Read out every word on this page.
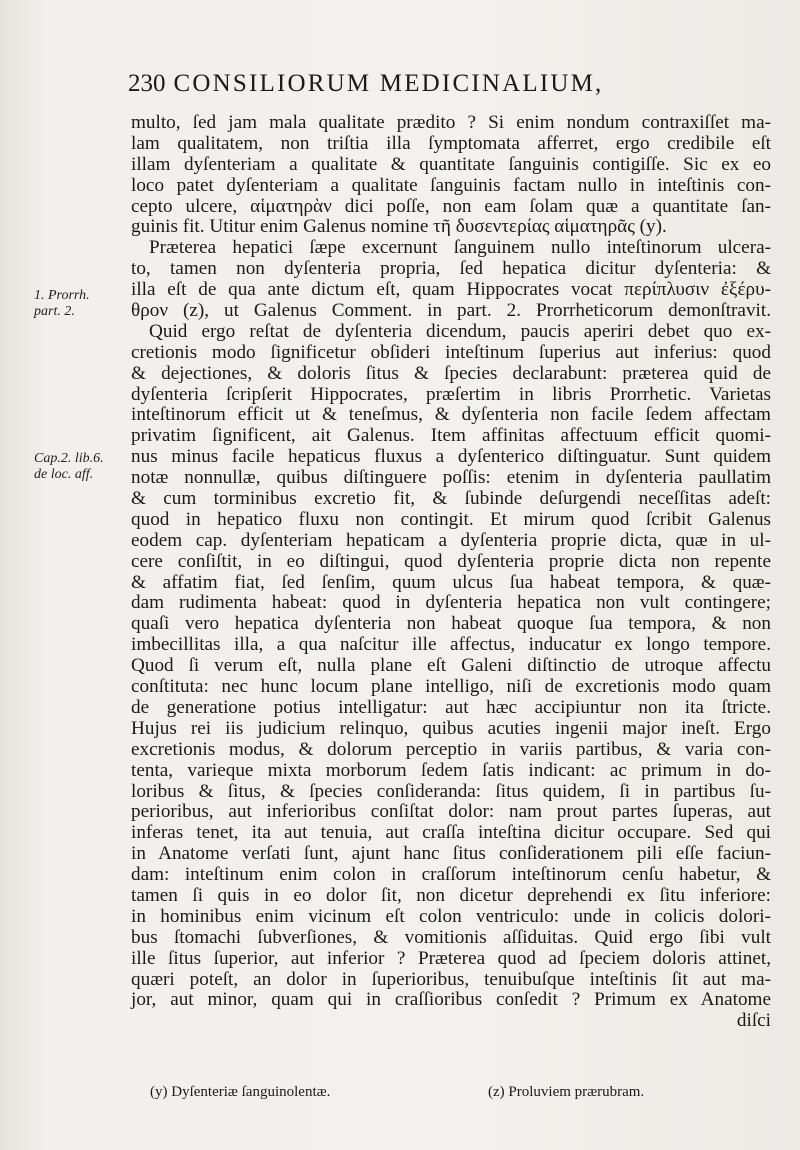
230 CONSILIORUM MEDICINALIUM,
1. Prorrh.
part. 2.
Cap.2. lib.6.
de loc. aff.
multo, ſed jam mala qualitate prædito ? Si enim nondum contraxiſſet ma-
lam qualitatem, non triſtia illa ſymptomata afferret, ergo credibile eſt
illam dyſenteriam a qualitate & quantitate ſanguinis contigiſſe. Sic ex eo
loco patet dyſenteriam a qualitate ſanguinis factam nullo in inteſtinis con-
cepto ulcere, αἱματηρὰν dici poſſe, non eam ſolam quæ a quantitate ſan-
guinis fit. Utitur enim Galenus nomine τῆ δυσεντερίας αἱματηρᾶς (y).
Præterea hepatici ſæpe excernunt ſanguinem nullo inteſtinorum ulcera-
to, tamen non dyſenteria propria, ſed hepatica dicitur dyſenteria: &
illa eſt de qua ante dictum eſt, quam Hippocrates vocat περίπλυσιν ἐξέρυ-
θρον (z), ut Galenus Comment. in part. 2. Prorrheticorum demonſtravit.
Quid ergo reſtat de dyſenteria dicendum, paucis aperiri debet quo ex-
cretionis modo ſignificetur obſideri inteſtinum ſuperius aut inferius: quod
& dejectiones, & doloris ſitus & ſpecies declarabunt: præterea quid de
dyſenteria ſcripſerit Hippocrates, præſertim in libris Prorrhetic. Varietas
inteſtinorum efficit ut & teneſmus, & dyſenteria non facile ſedem affectam
privatim ſignificent, ait Galenus. Item affinitas affectuum efficit quomi-
nus minus facile hepaticus fluxus a dyſenterico diſtinguatur. Sunt quidem
notæ nonnullæ, quibus diſtinguere poſſis: etenim in dyſenteria paullatim
& cum torminibus excretio fit, & ſubinde deſurgendi neceſſitas adeſt:
quod in hepatico fluxu non contingit. Et mirum quod ſcribit Galenus
eodem cap. dyſenteriam hepaticam a dyſenteria proprie dicta, quæ in ul-
cere conſiſtit, in eo diſtingui, quod dyſenteria proprie dicta non repente
& affatim fiat, ſed ſenſim, quum ulcus ſua habeat tempora, & quæ-
dam rudimenta habeat: quod in dyſenteria hepatica non vult contingere;
quaſi vero hepatica dyſenteria non habeat quoque ſua tempora, & non
imbecillitas illa, a qua naſcitur ille affectus, inducatur ex longo tempore.
Quod ſi verum eſt, nulla plane eſt Galeni diſtinctio de utroque affectu
conſtituta: nec hunc locum plane intelligo, niſi de excretionis modo quam
de generatione potius intelligatur: aut hæc accipiuntur non ita ſtricte.
Hujus rei iis judicium relinquo, quibus acuties ingenii major ineſt. Ergo
excretionis modus, & dolorum perceptio in variis partibus, & varia con-
tenta, varieque mixta morborum ſedem ſatis indicant: ac primum in do-
loribus & ſitus, & ſpecies conſideranda: ſitus quidem, ſi in partibus ſu-
perioribus, aut inferioribus conſiſtat dolor: nam prout partes ſuperas, aut
inferas tenet, ita aut tenuia, aut craſſa inteſtina dicitur occupare. Sed qui
in Anatome verſati ſunt, ajunt hanc ſitus conſiderationem pili eſſe faciun-
dam: inteſtinum enim colon in craſſorum inteſtinorum cenſu habetur, &
tamen ſi quis in eo dolor ſit, non dicetur deprehendi ex ſitu inferiore:
in hominibus enim vicinum eſt colon ventriculo: unde in colicis dolori-
bus ſtomachi ſubverſiones, & vomitionis aſſiduitas. Quid ergo ſibi vult
ille ſitus ſuperior, aut inferior ? Præterea quod ad ſpeciem doloris attinet,
quæri poteſt, an dolor in ſuperioribus, tenuibuſque inteſtinis ſit aut ma-
jor, aut minor, quam qui in craſſioribus conſedit ? Primum ex Anatome
diſci
(y) Dyſenteriæ ſanguinolentæ.	(z) Proluviem prærubram.
